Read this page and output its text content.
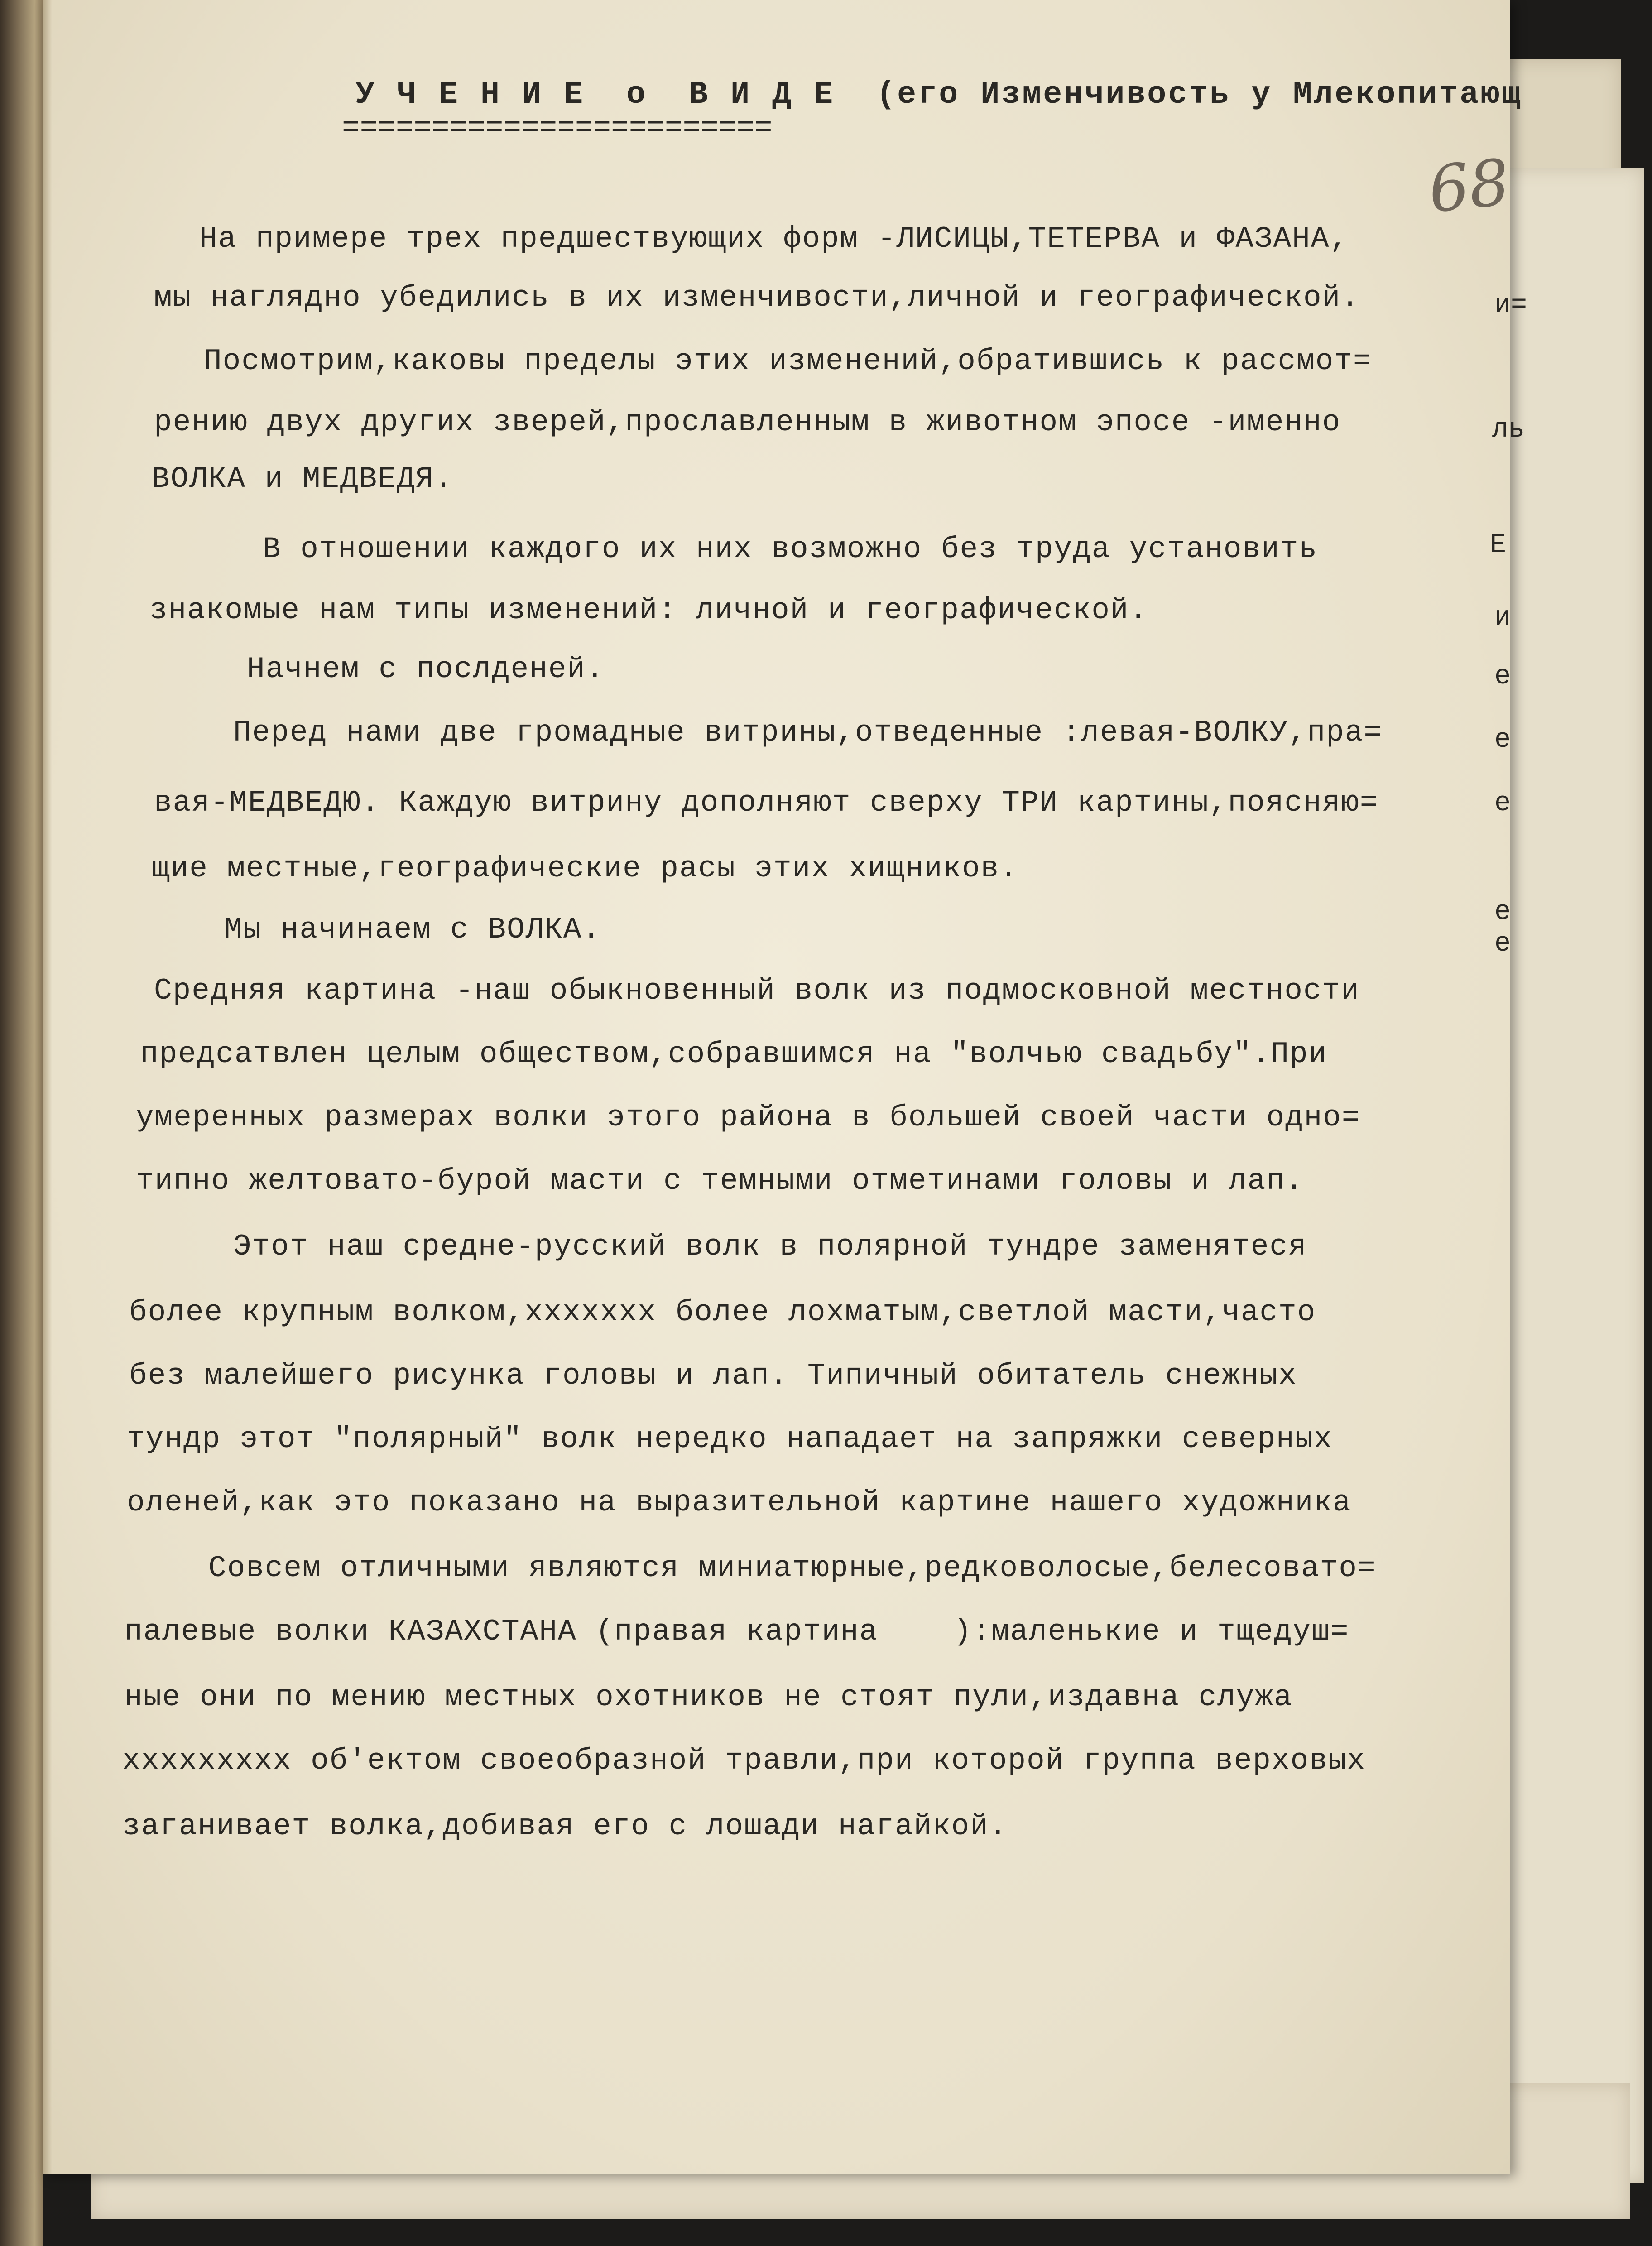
У Ч Е Н И Е  о  В И Д Е  (его Изменчивость у Млекопитающ
========================
68
На примере трех предшествующих форм -ЛИСИЦЫ,ТЕТЕРВА и ФАЗАНА,
мы наглядно убедились в их изменчивости,личной и географической.
Посмотрим,каковы пределы этих изменений,обратившись к рассмот=
рению двух других зверей,прославленным в животном эпосе -именно
ВОЛКА и МЕДВЕДЯ.
В отношении каждого их них возможно без труда установить
знакомые нам типы изменений: личной и географической.
Начнем с послденей.
Перед нами две громадные витрины,отведенные :левая-ВОЛКУ,пра=
вая-МЕДВЕДЮ. Каждую витрину дополняют сверху ТРИ картины,поясняю=
щие местные,географические расы этих хищников.
Мы начинаем с ВОЛКА.
Средняя картина -наш обыкновенный волк из подмосковной местности
предсатвлен целым обществом,собравшимся на "волчью свадьбу".При
умеренных размерах волки этого района в большей своей части одно=
типно желтовато-бурой масти с темными отметинами головы и лап.
Этот наш средне-русский волк в полярной тундре заменятеся
более крупным волком,xxxxxxx более лохматым,светлой масти,часто
без малейшего рисунка головы и лап. Типичный обитатель снежных
тундр этот "полярный" волк нередко нападает на запряжки северных
оленей,как это показано на выразительной картине нашего художника
Совсем отличными являются миниатюрные,редковолосые,белесовато=
палевые волки КАЗАХСТАНА (правая картина    ):маленькие и тщедуш=
ные они по мению местных охотников не стоят пули,издавна служа
xxxxxxxxx об'ектом своеобразной травли,при которой группа верховых
заганивает волка,добивая его с лошади нагайкой.
и=
ль
Е
и
е
е
е
е
е
